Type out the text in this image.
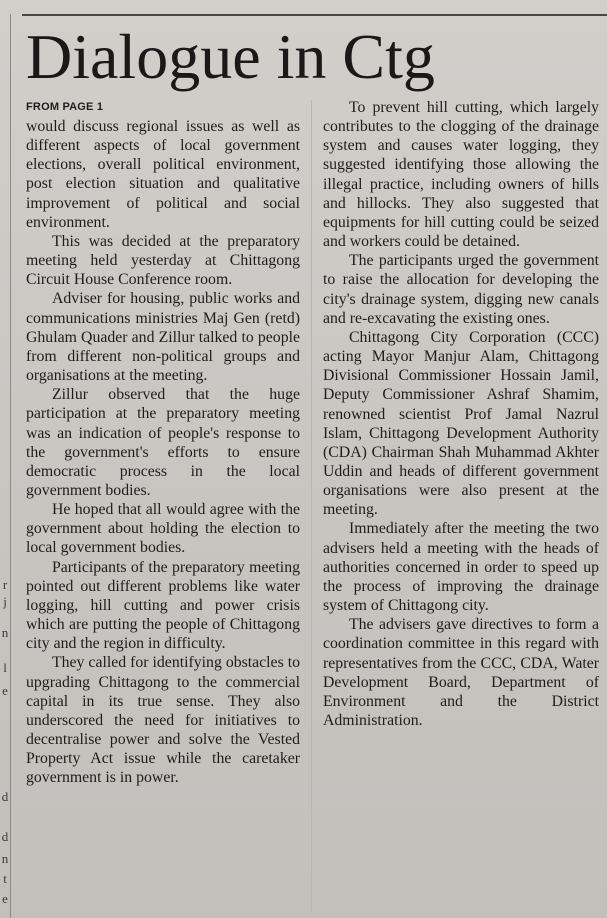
r
j
n
l
e
d
d
n
t
e
Dialogue in Ctg
FROM PAGE 1

would discuss regional issues as well as different aspects of local government elections, overall political environment, post election situation and qualitative improvement of political and social environment.

This was decided at the preparatory meeting held yesterday at Chittagong Circuit House Conference room.

Adviser for housing, public works and communications ministries Maj Gen (retd) Ghulam Quader and Zillur talked to people from different non-political groups and organisations at the meeting.

Zillur observed that the huge participation at the preparatory meeting was an indication of people's response to the government's efforts to ensure democratic process in the local government bodies.

He hoped that all would agree with the government about holding the election to local government bodies.

Participants of the preparatory meeting pointed out different problems like water logging, hill cutting and power crisis which are putting the people of Chittagong city and the region in difficulty.

They called for identifying obstacles to upgrading Chittagong to the commercial capital in its true sense. They also underscored the need for initiatives to decentralise power and solve the Vested Property Act issue while the caretaker government is in power.

To prevent hill cutting, which largely contributes to the clogging of the drainage system and causes water logging, they suggested identifying those allowing the illegal practice, including owners of hills and hillocks. They also suggested that equipments for hill cutting could be seized and workers could be detained.

The participants urged the government to raise the allocation for developing the city's drainage system, digging new canals and re-excavating the existing ones.

Chittagong City Corporation (CCC) acting Mayor Manjur Alam, Chittagong Divisional Commissioner Hossain Jamil, Deputy Commissioner Ashraf Shamim, renowned scientist Prof Jamal Nazrul Islam, Chittagong Development Authority (CDA) Chairman Shah Muhammad Akhter Uddin and heads of different government organisations were also present at the meeting.

Immediately after the meeting the two advisers held a meeting with the heads of authorities concerned in order to speed up the process of improving the drainage system of Chittagong city.

The advisers gave directives to form a coordination committee in this regard with representatives from the CCC, CDA, Water Development Board, Department of Environment and the District Administration.
